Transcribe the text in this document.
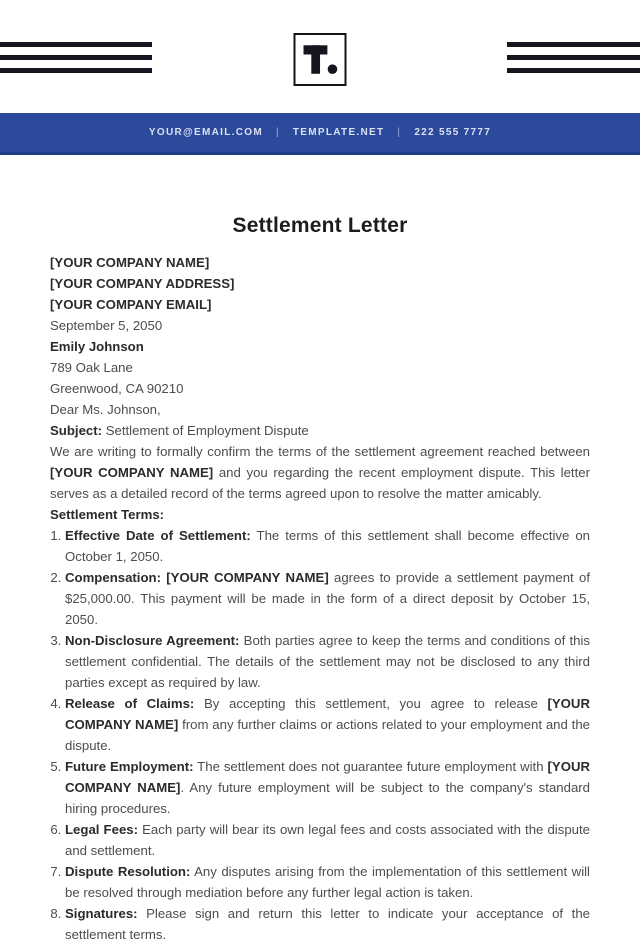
YOUR@EMAIL.COM | TEMPLATE.NET | 222 555 7777
Settlement Letter

[YOUR COMPANY NAME]

[YOUR COMPANY ADDRESS]

[YOUR COMPANY EMAIL]

September 5, 2050

Emily Johnson

789 Oak Lane

Greenwood, CA 90210

Dear Ms. Johnson,

Subject: Settlement of Employment Dispute

We are writing to formally confirm the terms of the settlement agreement reached between [YOUR COMPANY NAME] and you regarding the recent employment dispute. This letter serves as a detailed record of the terms agreed upon to resolve the matter amicably.

Settlement Terms:

1. Effective Date of Settlement: The terms of this settlement shall become effective on October 1, 2050.
2. Compensation: [YOUR COMPANY NAME] agrees to provide a settlement payment of $25,000.00. This payment will be made in the form of a direct deposit by October 15, 2050.
3. Non-Disclosure Agreement: Both parties agree to keep the terms and conditions of this settlement confidential. The details of the settlement may not be disclosed to any third parties except as required by law.
4. Release of Claims: By accepting this settlement, you agree to release [YOUR COMPANY NAME] from any further claims or actions related to your employment and the dispute.
5. Future Employment: The settlement does not guarantee future employment with [YOUR COMPANY NAME]. Any future employment will be subject to the company's standard hiring procedures.
6. Legal Fees: Each party will bear its own legal fees and costs associated with the dispute and settlement.
7. Dispute Resolution: Any disputes arising from the implementation of this settlement will be resolved through mediation before any further legal action is taken.
8. Signatures: Please sign and return this letter to indicate your acceptance of the settlement terms.
